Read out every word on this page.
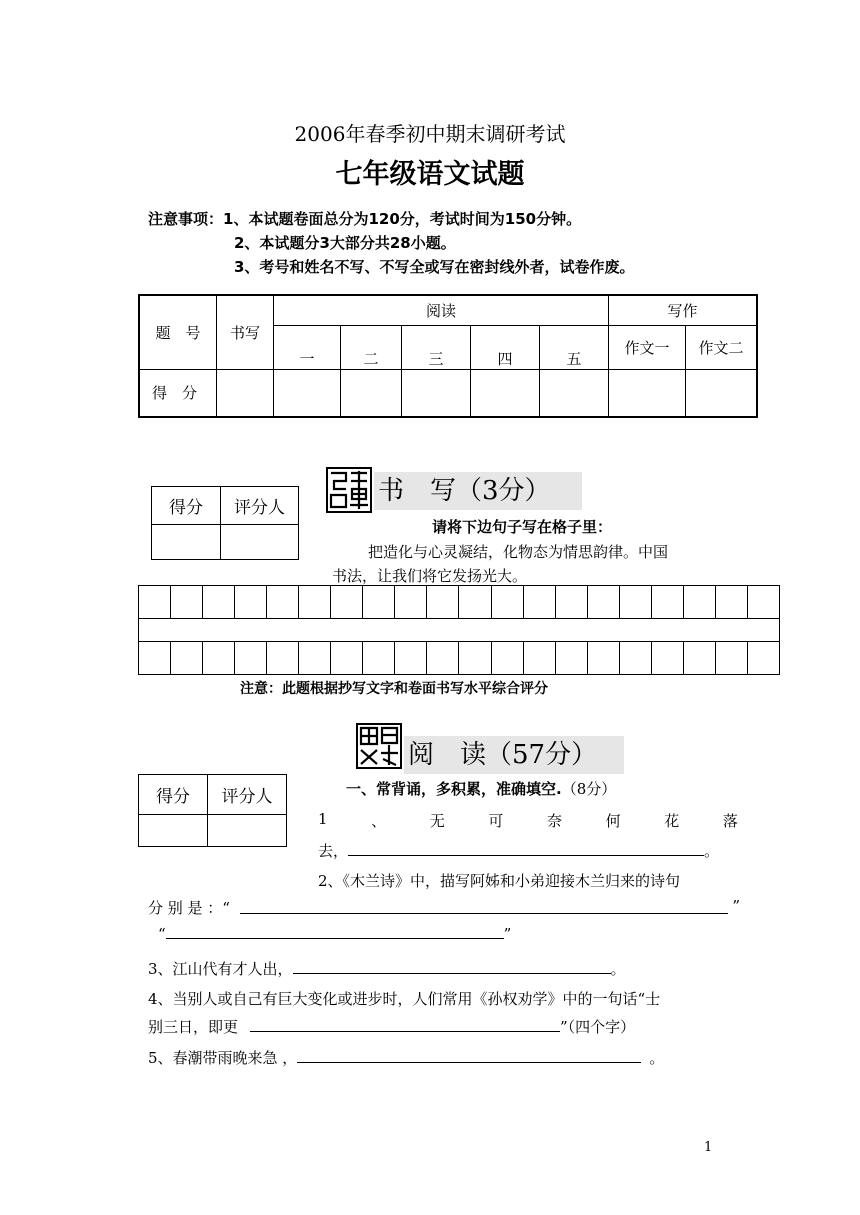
2006年春季初中期末调研考试
七年级语文试题
注意事项：1、本试题卷面总分为120分，考试时间为150分钟。
2、本试题分3大部分共28小题。
3、考号和姓名不写、不写全或写在密封线外者，试卷作废。
题　号	书写	阅读					写作	
		一	二	三	四	五	作文一	作文二
得　分								
得分	评分人

书　写（3分）
请将下边句子写在格子里：
把造化与心灵凝结，化物态为情思韵律。中国
书法，让我们将它发扬光大。

注意：此题根据抄写文字和卷面书写水平综合评分
阅　读（57分）
得分	评分人
		一、常背诵，多积累，准确填空.（8分）
1	、	无	可	奈	何	花	落
去，	。
2、《木兰诗》中，描写阿姊和小弟迎接木兰归来的诗句
分 别 是 ：“	”
“	”
3、江山代有才人出，	。
4、当别人或自己有巨大变化或进步时，人们常用《孙权劝学》中的一句话“士
别三日，即更	”（四个字）
5、春潮带雨晚来急 ，	。
1
